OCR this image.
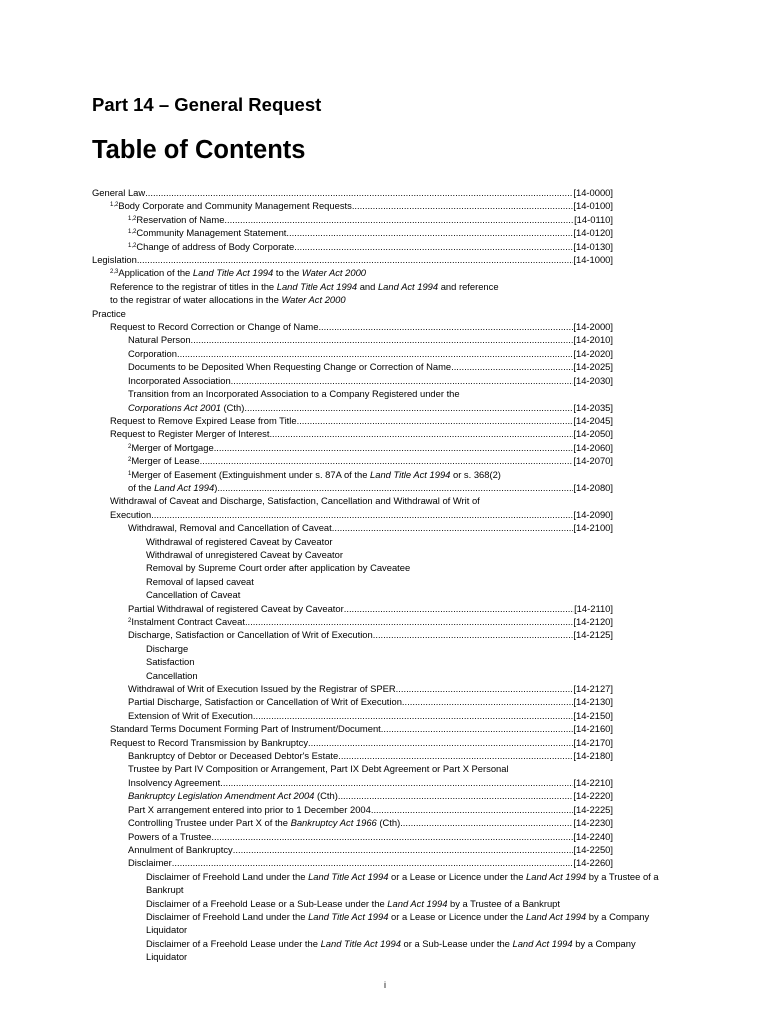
Part 14 – General Request
Table of Contents
General Law .....	[14-0000]
$^{1,2}$Body Corporate and Community Management Requests .....	[14-0100]
$^{1,2}$Reservation of Name .....	[14-0110]
$^{1,2}$Community Management Statement .....	[14-0120]
$^{1,2}$Change of address of Body Corporate .....	[14-0130]
Legislation .....	[14-1000]
$^{2,3}$Application of the Land Title Act 1994 to the Water Act 2000
Reference to the registrar of titles in the Land Title Act 1994 and Land Act 1994 and reference
to the registrar of water allocations in the Water Act 2000
Practice
Request to Record Correction or Change of Name .....	[14-2000]
Natural Person .....	[14-2010]
Corporation .....	[14-2020]
Documents to be Deposited When Requesting Change or Correction of Name .....	[14-2025]
Incorporated Association .....	[14-2030]
Transition from an Incorporated Association to a Company Registered under the
Corporations Act 2001 (Cth) .....	[14-2035]
Request to Remove Expired Lease from Title .....	[14-2045]
Request to Register Merger of Interest .....	[14-2050]
$^2$Merger of Mortgage .....	[14-2060]
$^2$Merger of Lease .....	[14-2070]
$^1$Merger of Easement (Extinguishment under s. 87A of the Land Title Act 1994 or s. 368(2)
of the Land Act 1994) .....	[14-2080]
Withdrawal of Caveat and Discharge, Satisfaction, Cancellation and Withdrawal of Writ of
Execution .....	[14-2090]
Withdrawal, Removal and Cancellation of Caveat .....	[14-2100]
Withdrawal of registered Caveat by Caveator
Withdrawal of unregistered Caveat by Caveator
Removal by Supreme Court order after application by Caveatee
Removal of lapsed caveat
Cancellation of Caveat
Partial Withdrawal of registered Caveat by Caveator .....	[14-2110]
$^2$Instalment Contract Caveat .....	[14-2120]
Discharge, Satisfaction or Cancellation of Writ of Execution .....	[14-2125]
Discharge
Satisfaction
Cancellation
Withdrawal of Writ of Execution Issued by the Registrar of SPER .....	[14-2127]
Partial Discharge, Satisfaction or Cancellation of Writ of Execution .....	[14-2130]
Extension of Writ of Execution .....	[14-2150]
Standard Terms Document Forming Part of Instrument/Document .....	[14-2160]
Request to Record Transmission by Bankruptcy .....	[14-2170]
Bankruptcy of Debtor or Deceased Debtor's Estate .....	[14-2180]
Trustee by Part IV Composition or Arrangement, Part IX Debt Agreement or Part X Personal
Insolvency Agreement .....	[14-2210]
Bankruptcy Legislation Amendment Act 2004 (Cth) .....	[14-2220]
Part X arrangement entered into prior to 1 December 2004 .....	[14-2225]
Controlling Trustee under Part X of the Bankruptcy Act 1966 (Cth) .....	[14-2230]
Powers of a Trustee .....	[14-2240]
Annulment of Bankruptcy .....	[14-2250]
Disclaimer .....	[14-2260]
Disclaimer of Freehold Land under the Land Title Act 1994 or a Lease or Licence under the Land Act 1994 by a Trustee of a
Bankrupt
Disclaimer of a Freehold Lease or a Sub-Lease under the Land Act 1994 by a Trustee of a Bankrupt
Disclaimer of Freehold Land under the Land Title Act 1994 or a Lease or Licence under the Land Act 1994 by a Company
Liquidator
Disclaimer of a Freehold Lease under the Land Title Act 1994 or a Sub-Lease under the Land Act 1994 by a Company
Liquidator
i
